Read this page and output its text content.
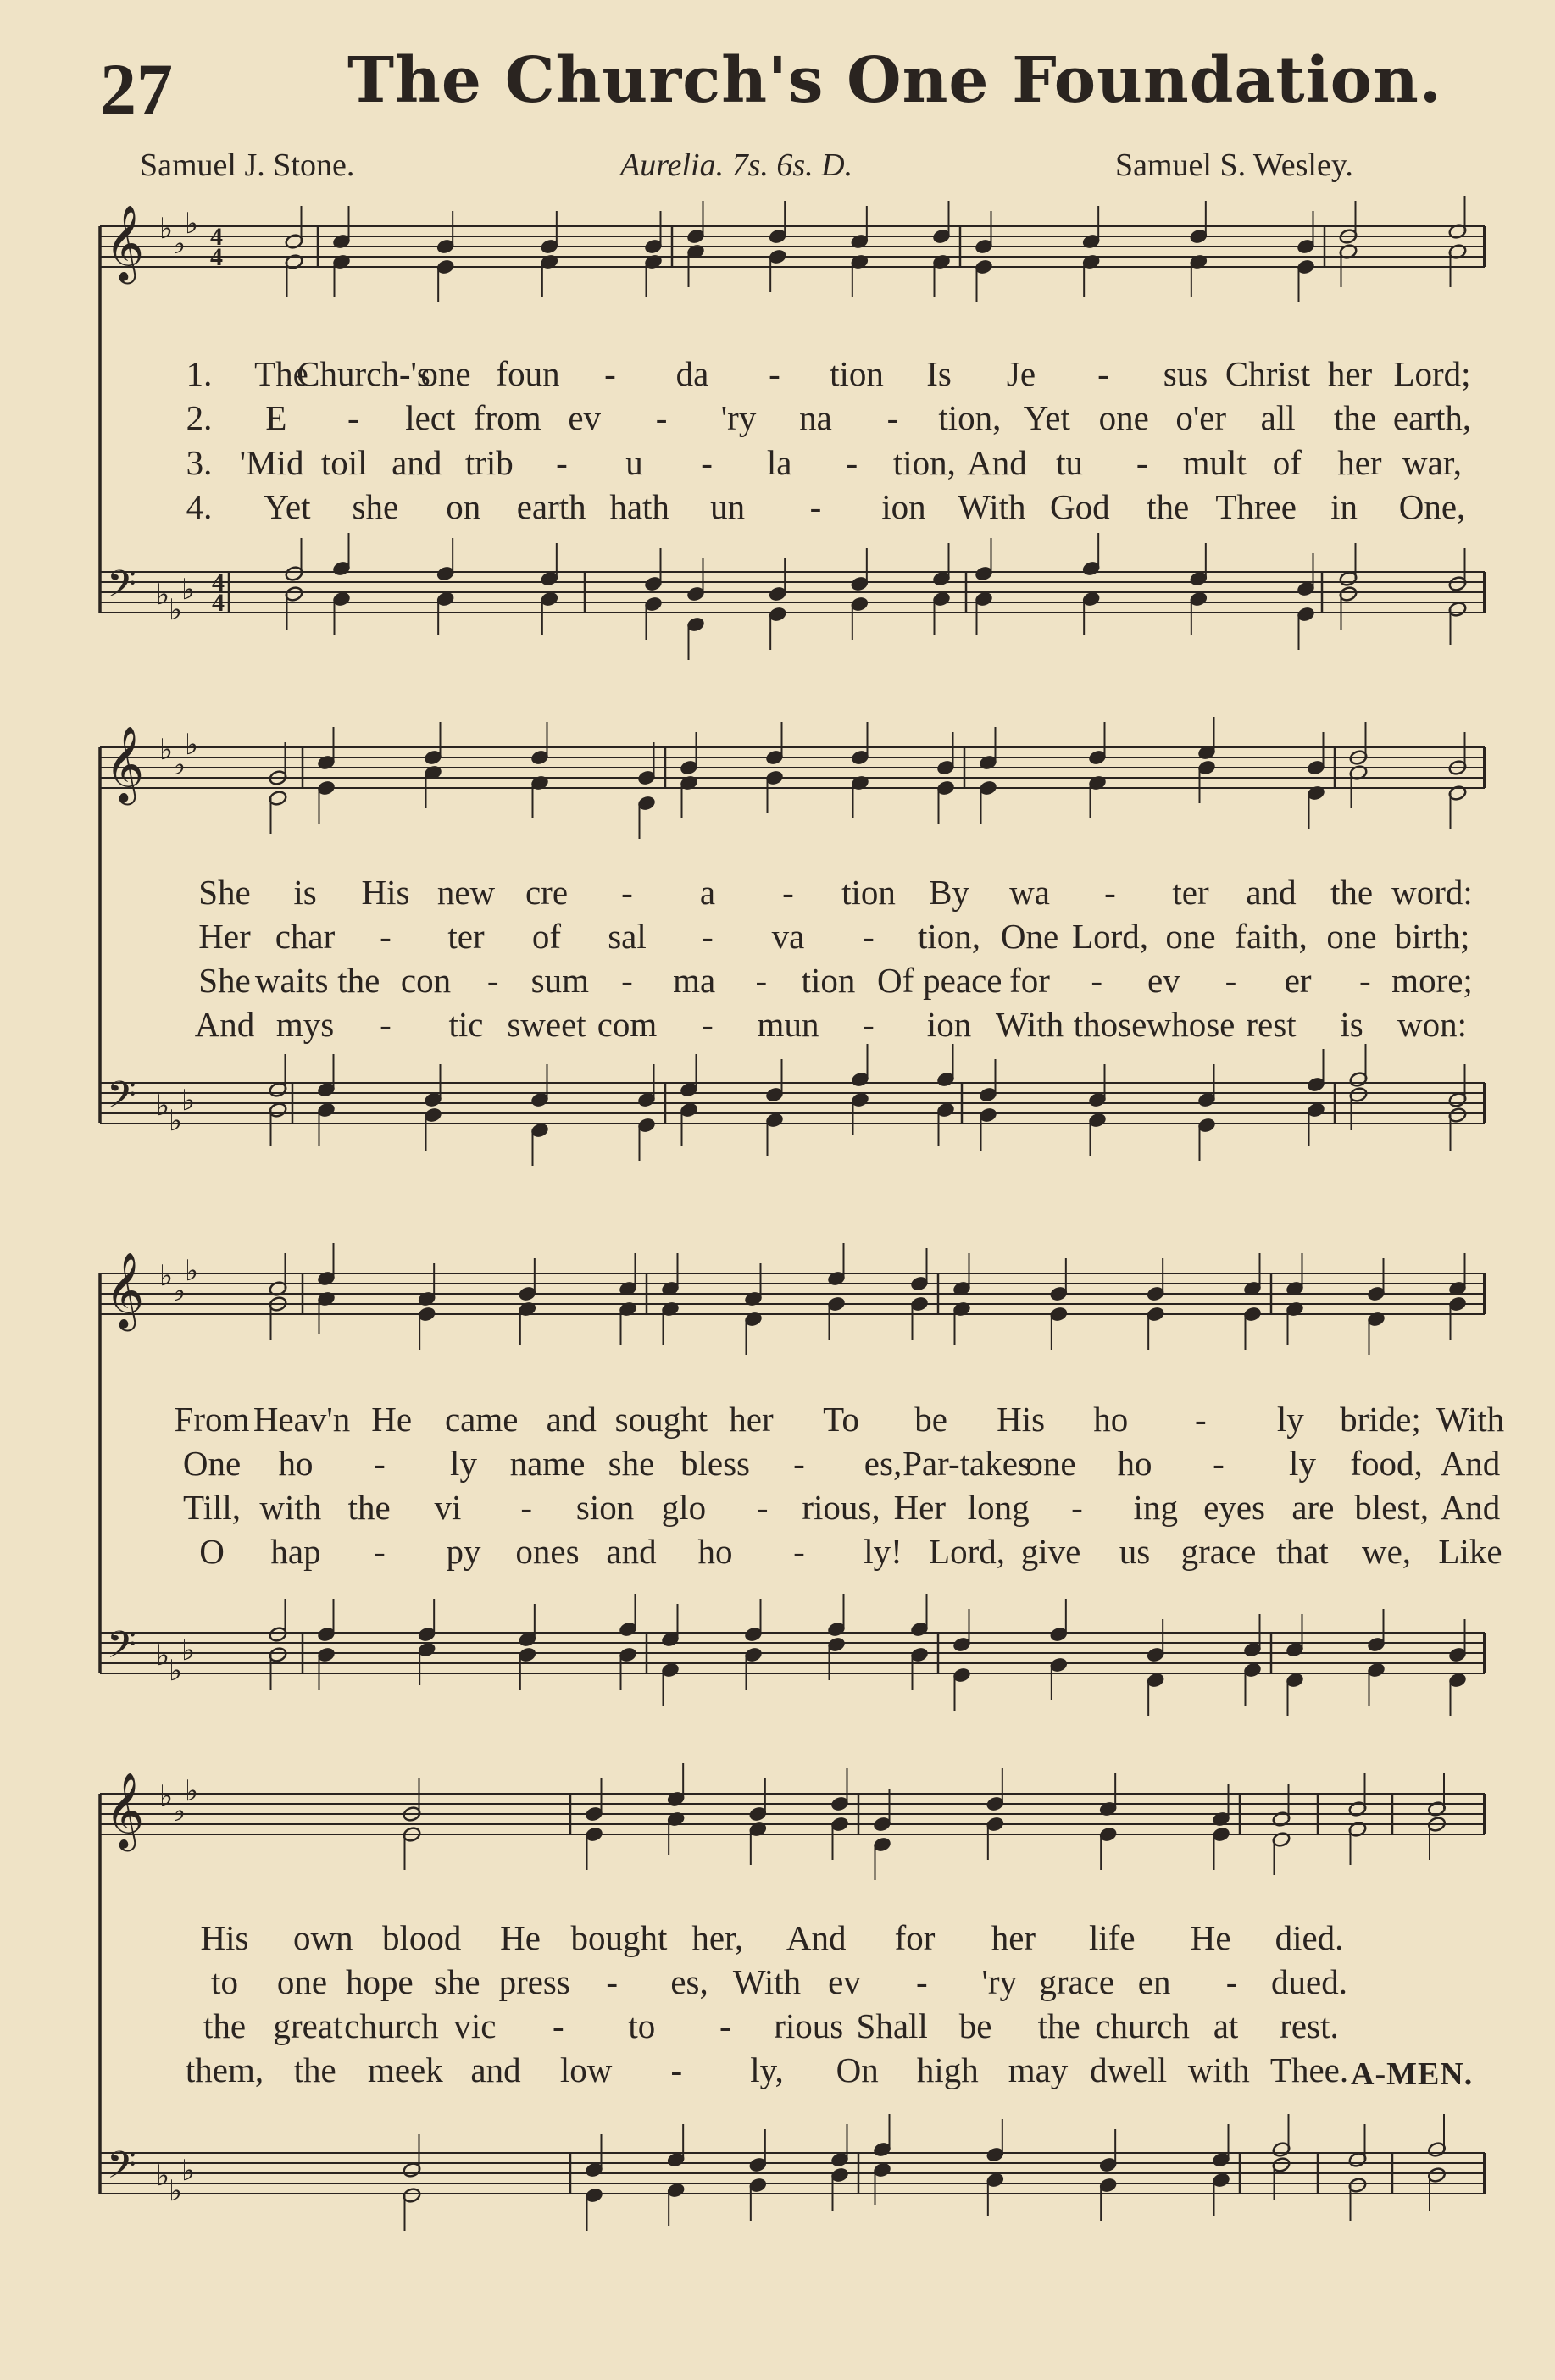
27	The Church's One Foundation.
Samuel J. Stone.	Aurelia. 7s. 6s. D.	Samuel S. Wesley.
𝄞
𝄢
♭
♭
♭
♭
♭
♭
4
4
4
4
𝄞
𝄢
♭
♭
♭
♭
♭
♭
𝄞
𝄢
♭
♭
♭
♭
♭
♭
𝄞
𝄢
♭
♭
♭
♭
♭
♭
1. The
Church-'s
one foun - da - tion Is Je - sus Christ her Lord;
2. E - lect from ev - 'ry na - tion, Yet one o'er all the earth,
3. 'Mid toil and trib - u - la - tion, And tu - mult of her war,
4. Yet she on earth hath un - ion With God the Three in One,
She is His new cre - a - tion By wa - ter and the word:
Her char - ter of sal - va - tion, One Lord, one faith, one birth;
She waits the con - sum - ma - tion Of peace for - ev - er - more;
And mys - tic sweet com - mun - ion With those whose rest is won:
From Heav'n He came and sought her To be His ho - ly bride; With
One ho - ly name she bless - es, Par-takes
one ho - ly food, And
Till, with the vi - sion glo - rious, Her long - ing eyes are blest, And
O hap - py ones and ho - ly! Lord, give us grace that we, Like
His own blood He bought her, And for her life He died.
to one hope she press - es, With ev - 'ry grace en - dued.
the great church vic - to - rious Shall be the church at rest.
them, the meek and low - ly, On high may dwell with Thee. A-MEN.
